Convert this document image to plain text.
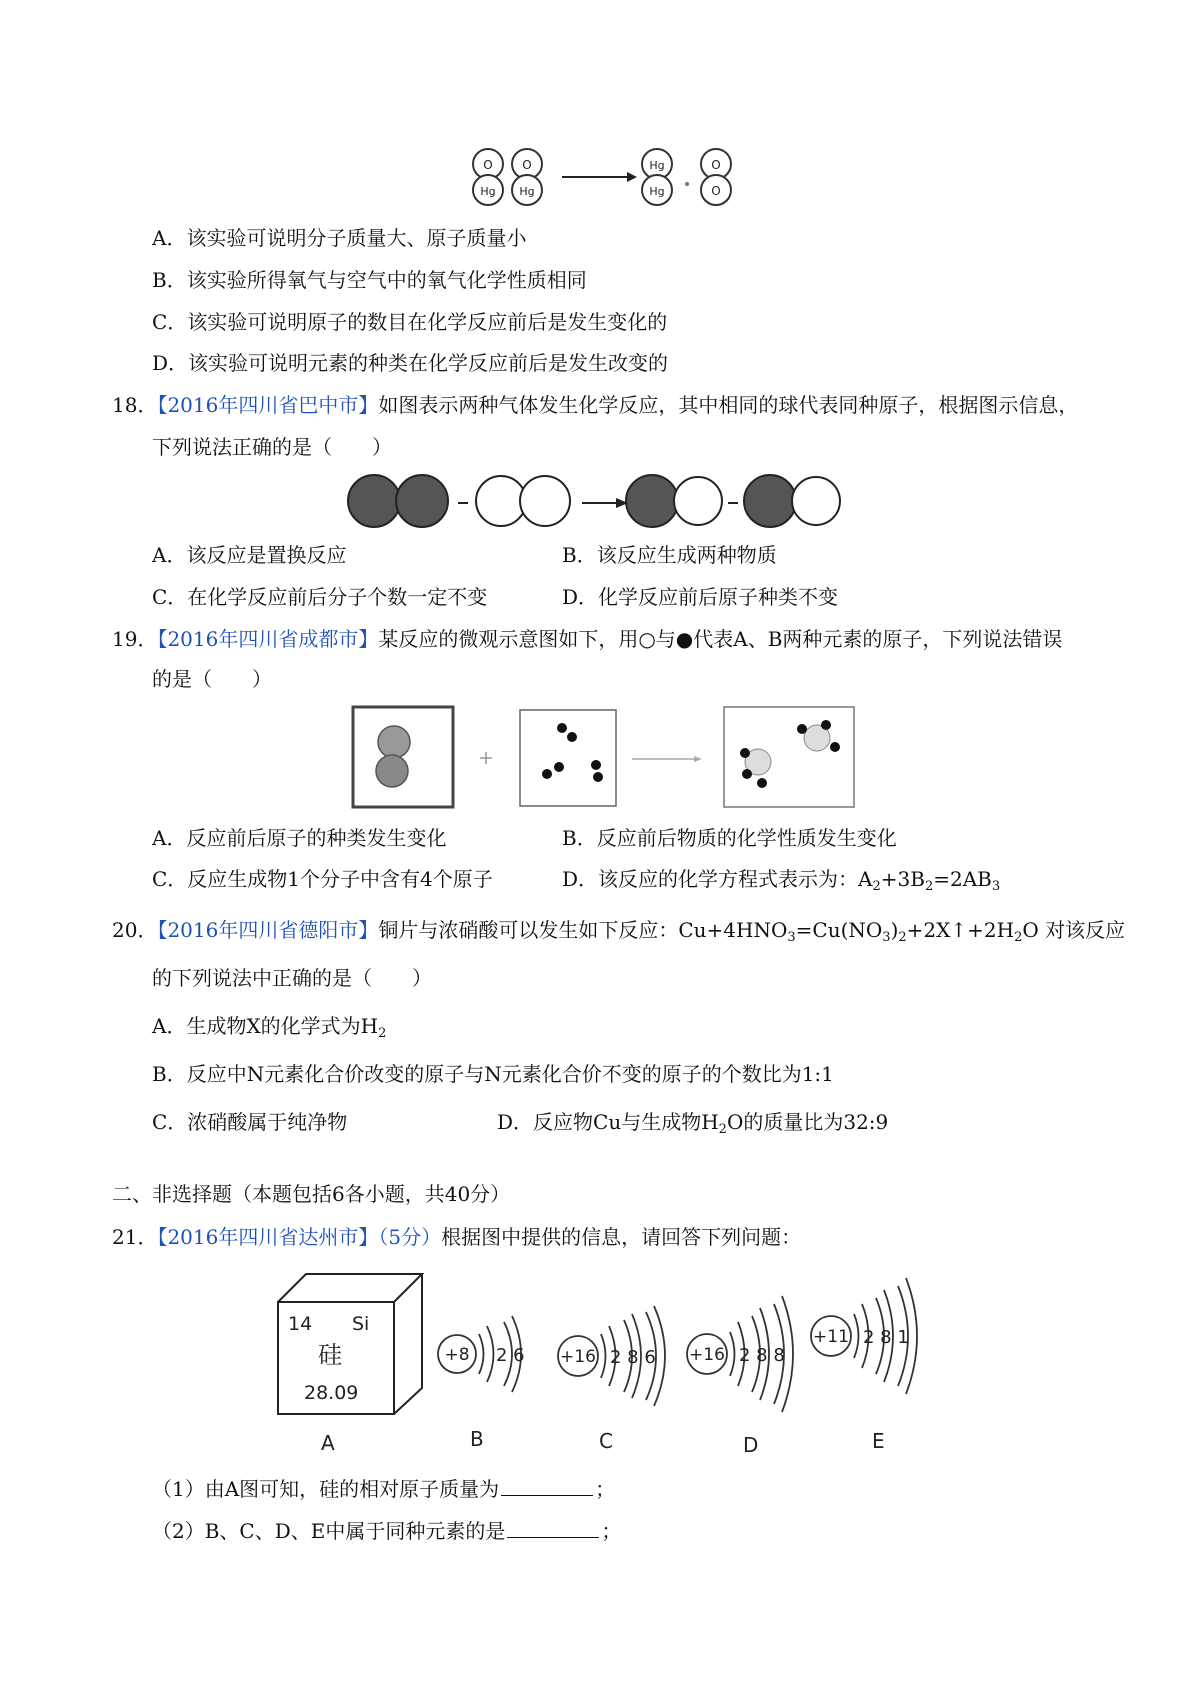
O
Hg
O
Hg
Hg
Hg
O
O
A．该实验可说明分子质量大、原子质量小
B．该实验所得氧气与空气中的氧气化学性质相同
C．该实验可说明原子的数目在化学反应前后是发生变化的
D．该实验可说明元素的种类在化学反应前后是发生改变的
18．【2016年四川省巴中市】如图表示两种气体发生化学反应，其中相同的球代表同种原子，根据图示信息，
下列说法正确的是（　　）
A．该反应是置换反应	B．该反应生成两种物质
C．在化学反应前后分子个数一定不变	D．化学反应前后原子种类不变
19．【2016年四川省成都市】某反应的微观示意图如下，用○与●代表A、B两种元素的原子，下列说法错误
的是（　　）
A．反应前后原子的种类发生变化	B．反应前后物质的化学性质发生变化
C．反应生成物1个分子中含有4个原子	D．该反应的化学方程式表示为：$A_2+3B_2=2AB_3$
20．【2016年四川省德阳市】铜片与浓硝酸可以发生如下反应：$Cu+4HNO_3=Cu(NO_3)_2+2X↑+2H_2O$ 对该反应
的下列说法中正确的是（　　）
A．生成物X的化学式为$H_2$
B．反应中N元素化合价改变的原子与N元素化合价不变的原子的个数比为1:1
C．浓硝酸属于纯净物	D．反应物Cu与生成物$H_2O$的质量比为32:9
二、非选择题（本题包括6各小题，共40分）
21．【2016年四川省达州市】（5分）根据图中提供的信息，请回答下列问题：
14 Si
硅
28.09
+8 2 6 +16 2 8 6 +16 2 8 8
+11 2 8 1
A	B	C	D	E
（1）由A图可知，硅的相对原子质量为	；
（2）B、C、D、E中属于同种元素的是	；
